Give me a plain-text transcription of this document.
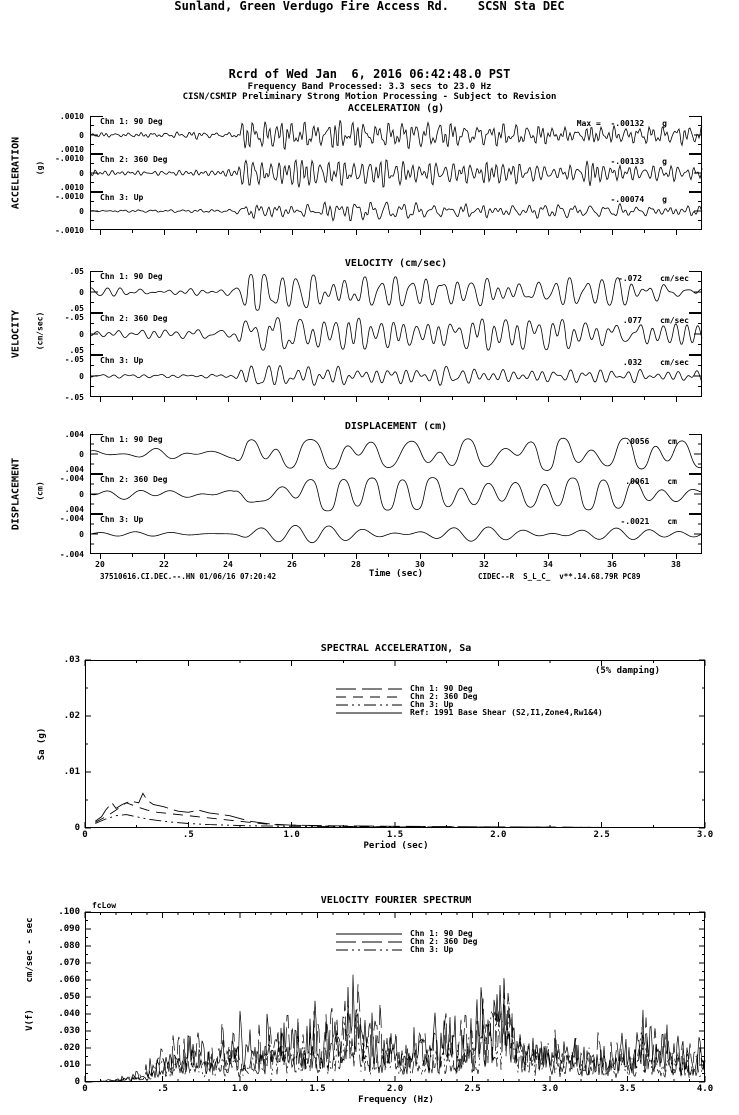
Sunland, Green Verdugo Fire Access Rd.    SCSN Sta DEC
Rcrd of Wed Jan  6, 2016 06:42:48.0 PST
Frequency Band Processed: 3.3 secs to 23.0 Hz
CISN/CSMIP Preliminary Strong Motion Processing - Subject to Revision
ACCELERATION (g)
VELOCITY (cm/sec)
DISPLACEMENT (cm)
ACCELERATION (g)
VELOCITY (cm/sec)
DISPLACEMENT (cm)
Time (sec)
37510616.CI.DEC.--.HN 01/06/16 07:20:42	CIDEC--R  S_L_C_  v**.14.68.79R PC89
SPECTRAL ACCELERATION, Sa
(5% damping)
Sa (g)
Period (sec)
VELOCITY FOURIER SPECTRUM
fcLow
cm/sec - sec
V(f)
Frequency (Hz)
.0010
0
-.0010
Chn 1: 90 Deg	Max =  -.00132 g
.0010
0
-.0010
Chn 2: 360 Deg	-.00133 g
.0010
0
-.0010
Chn 3: Up	-.00074 g
.05
0
-.05
Chn 1: 90 Deg	-.072 cm/sec
.05
0
-.05
Chn 2: 360 Deg	.077 cm/sec
.05
0
-.05
Chn 3: Up	.032 cm/sec
.004
0
-.004
Chn 1: 90 Deg	.0056 cm
.004
0
-.004
Chn 2: 360 Deg	.0061 cm
.004
0
-.004
Chn 3: Up	-.0021 cm
20	22	24	26	28	30	32	34	36	38
.03
.02
.01
0
0	.5	1.0	1.5	2.0	2.5	3.0
Chn 1: 90 Deg
Chn 2: 360 Deg
Chn 3: Up
Ref: 1991 Base Shear (S2,I1,Zone4,Rw1&4)
.100
.090
.080
.070
.060
.050
.040
.030
.020
.010
0
0	.5	1.0	1.5	2.0	2.5	3.0	3.5	4.0
Chn 1: 90 Deg
Chn 2: 360 Deg
Chn 3: Up
